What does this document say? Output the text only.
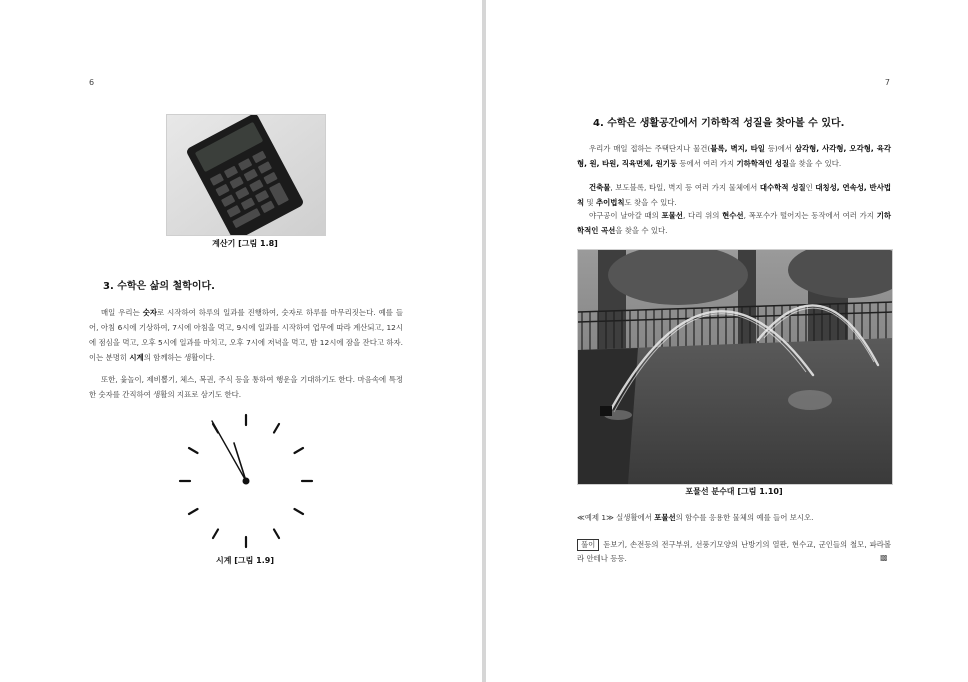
6
계산기 [그림 1.8]
3. 수학은 삶의 철학이다.

매일 우리는 숫자로 시작하여 하루의 일과를 진행하여, 숫자로 하루를 마무리짓는다. 예를 들어, 아침 6시에 기상하여, 7시에 아침을 먹고, 9시에 일과를 시작하여 업무에 따라 계산되고, 12시에 점심을 먹고, 오후 5시에 일과를 마치고, 오후 7시에 저녁을 먹고, 밤 12시에 잠을 잔다고 하자. 이는 분명히 시계의 함께하는 생활이다.

또한, 윷놀이, 제비뽑기, 체스, 복권, 주식 등을 통하여 행운을 기대하기도 한다. 마음속에 특정한 숫자를 간직하여 생활의 지표로 삼기도 한다.

시계 [그림 1.9]
7
4. 수학은 생활공간에서 기하학적 성질을 찾아볼 수 있다.

우리가 매일 접하는 주택단지나 물건(블록, 벽지, 타일 등)에서 삼각형, 사각형, 오각형, 육각형, 원, 타원, 직육면체, 원기둥 등에서 여러 가지 기하학적인 성질을 찾을 수 있다.

건축물, 보도블록, 타일, 벽지 등 여러 가지 물체에서 대수학적 성질인 대칭성, 연속성, 반사법칙 및 추이법칙도 찾을 수 있다.

야구공이 날아갈 때의 포물선, 다리 위의 현수선, 폭포수가 떨어지는 동작에서 여러 가지 기하학적인 곡선을 찾을 수 있다.

포물선 분수대 [그림 1.10]
≪예제 1≫ 실생활에서 포물선의 함수를 응용한 물체의 예를 들어 보시오.
풀이 돋보기, 손전등의 전구부위, 선풍기모양의 난방기의 열판, 현수교, 군인들의 철모, 파라볼라 안테나 등등.	▩
